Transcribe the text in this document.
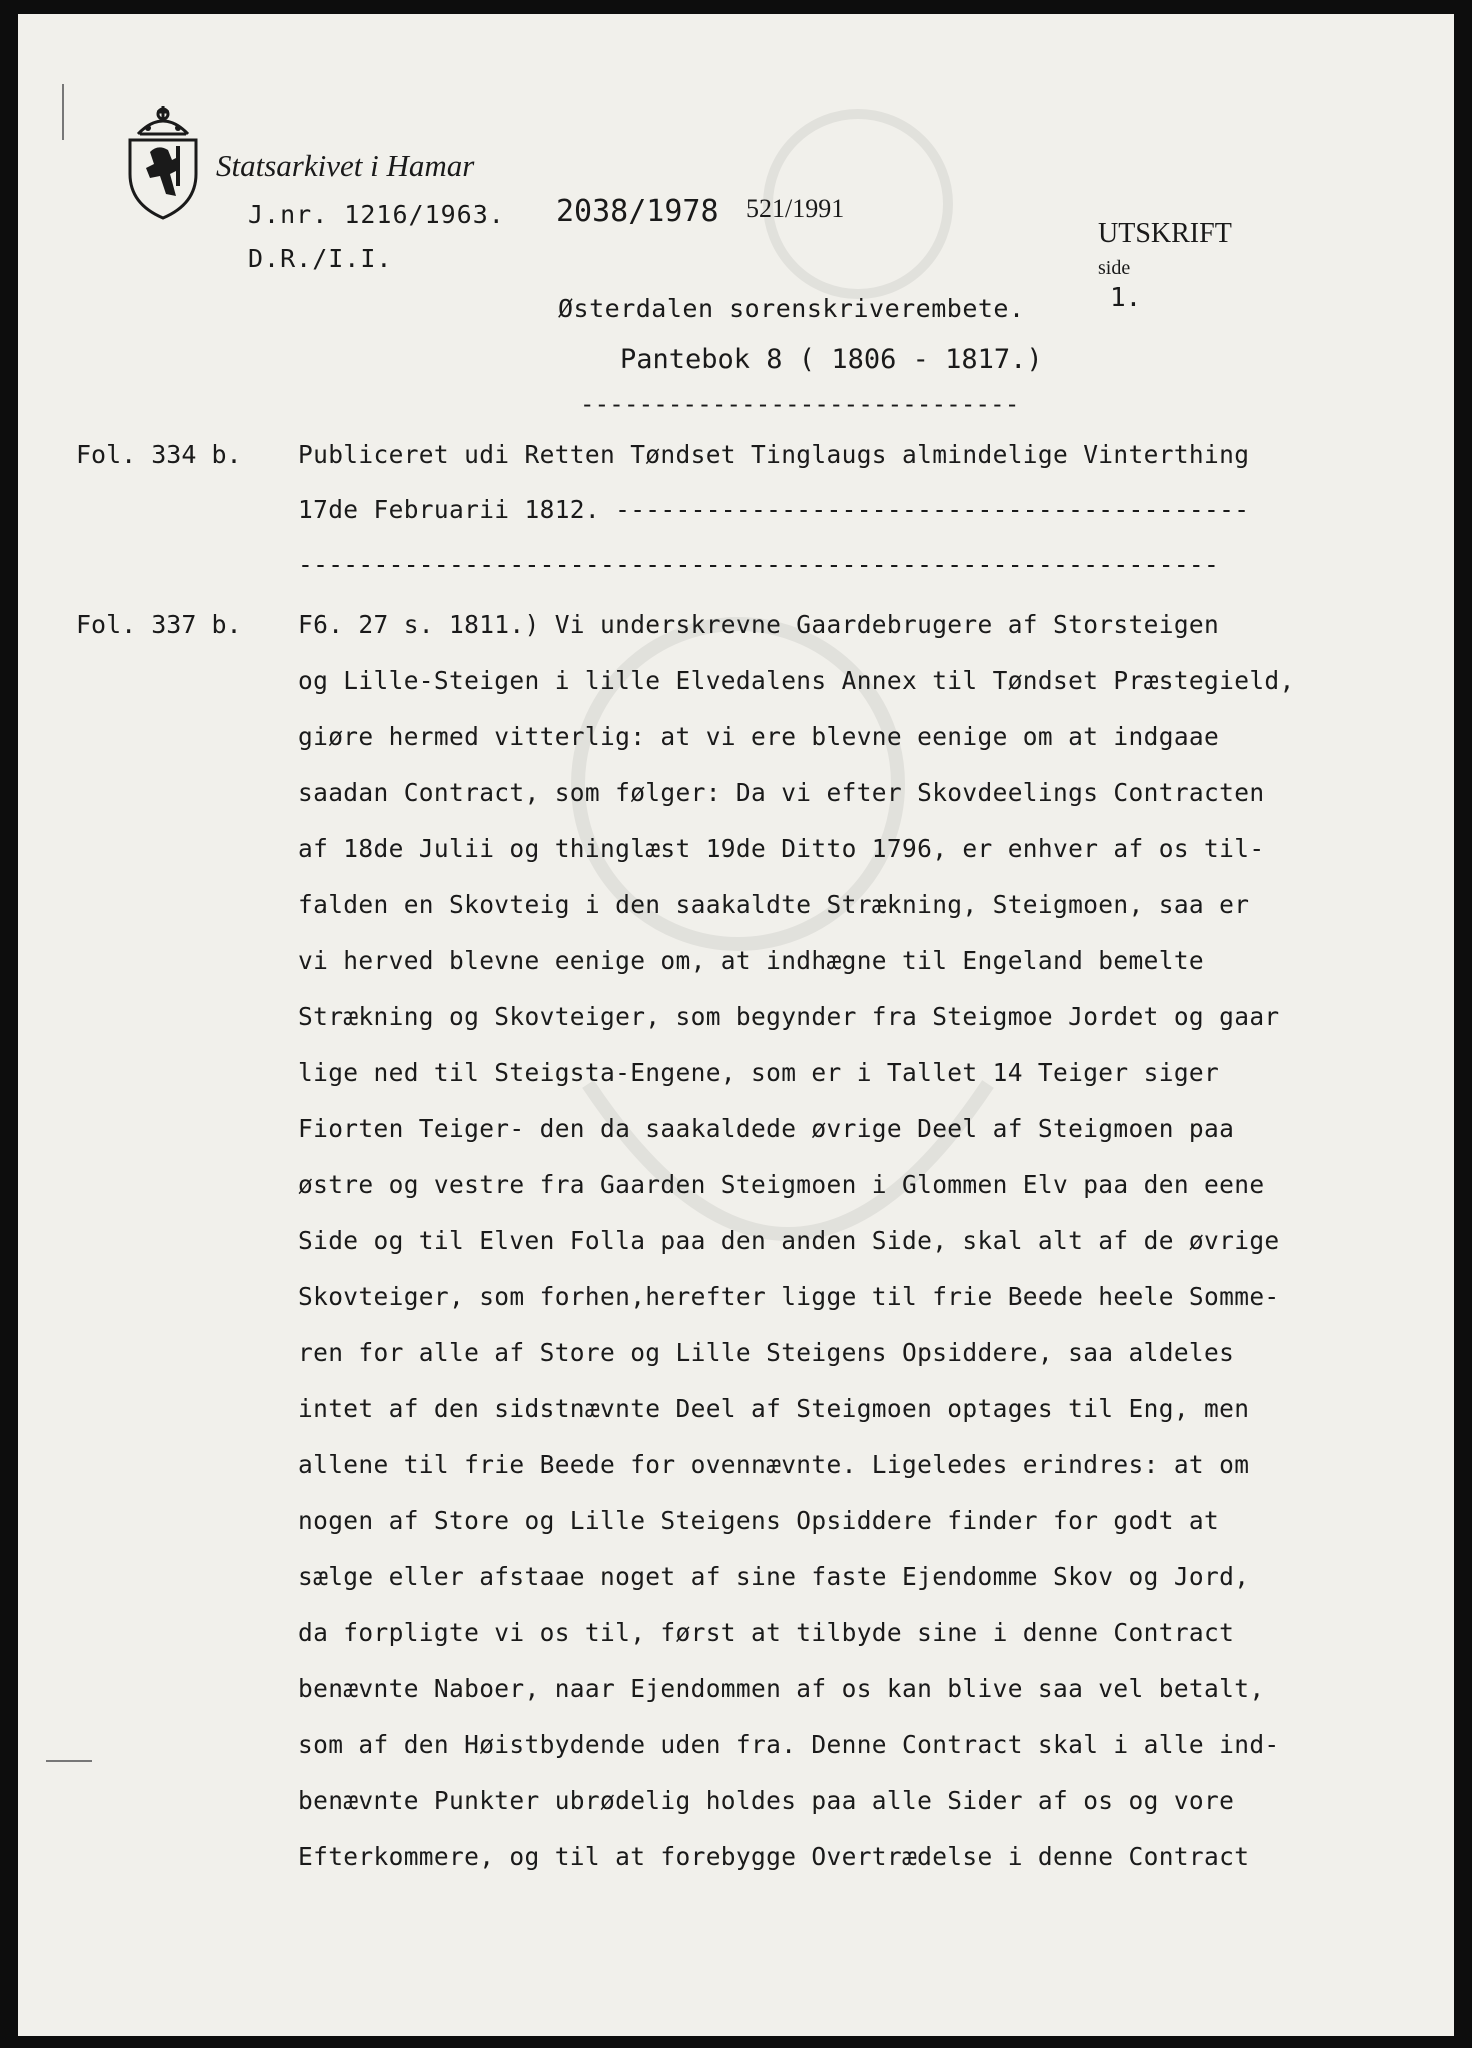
Statsarkivet i Hamar
J.nr. 1216/1963. 2038/1978 521/1991

UTSKRIFT
side
1.

D.R./I.I.
Østerdalen sorenskriverembete.
Pantebok 8 ( 1806 - 1817.)
------------------------------
Fol. 334 b. Publiceret udi Retten Tøndset Tinglaugs almindelige Vinterthing
17de Februarii 1812. ------------------------------------------
-------------------------------------------------------------
Fol. 337 b. F6. 27 s. 1811.) Vi underskrevne Gaardebrugere af Storsteigen
og Lille-Steigen i lille Elvedalens Annex til Tøndset Præstegield,
giøre hermed vitterlig: at vi ere blevne eenige om at indgaae
saadan Contract, som følger: Da vi efter Skovdeelings Contracten
af 18de Julii og thinglæst 19de Ditto 1796, er enhver af os til-
falden en Skovteig i den saakaldte Strækning, Steigmoen, saa er
vi herved blevne eenige om, at indhægne til Engeland bemelte
Strækning og Skovteiger, som begynder fra Steigmoe Jordet og gaar
lige ned til Steigsta-Engene, som er i Tallet 14 Teiger siger
Fiorten Teiger- den da saakaldede øvrige Deel af Steigmoen paa
østre og vestre fra Gaarden Steigmoen i Glommen Elv paa den eene
Side og til Elven Folla paa den anden Side, skal alt af de øvrige
Skovteiger, som forhen,herefter ligge til frie Beede heele Somme-
ren for alle af Store og Lille Steigens Opsiddere, saa aldeles
intet af den sidstnævnte Deel af Steigmoen optages til Eng, men
allene til frie Beede for ovennævnte. Ligeledes erindres: at om
nogen af Store og Lille Steigens Opsiddere finder for godt at
sælge eller afstaae noget af sine faste Ejendomme Skov og Jord,
da forpligte vi os til, først at tilbyde sine i denne Contract
benævnte Naboer, naar Ejendommen af os kan blive saa vel betalt,
som af den Høistbydende uden fra. Denne Contract skal i alle ind-
benævnte Punkter ubrødelig holdes paa alle Sider af os og vore
Efterkommere, og til at forebygge Overtrædelse i denne Contract
